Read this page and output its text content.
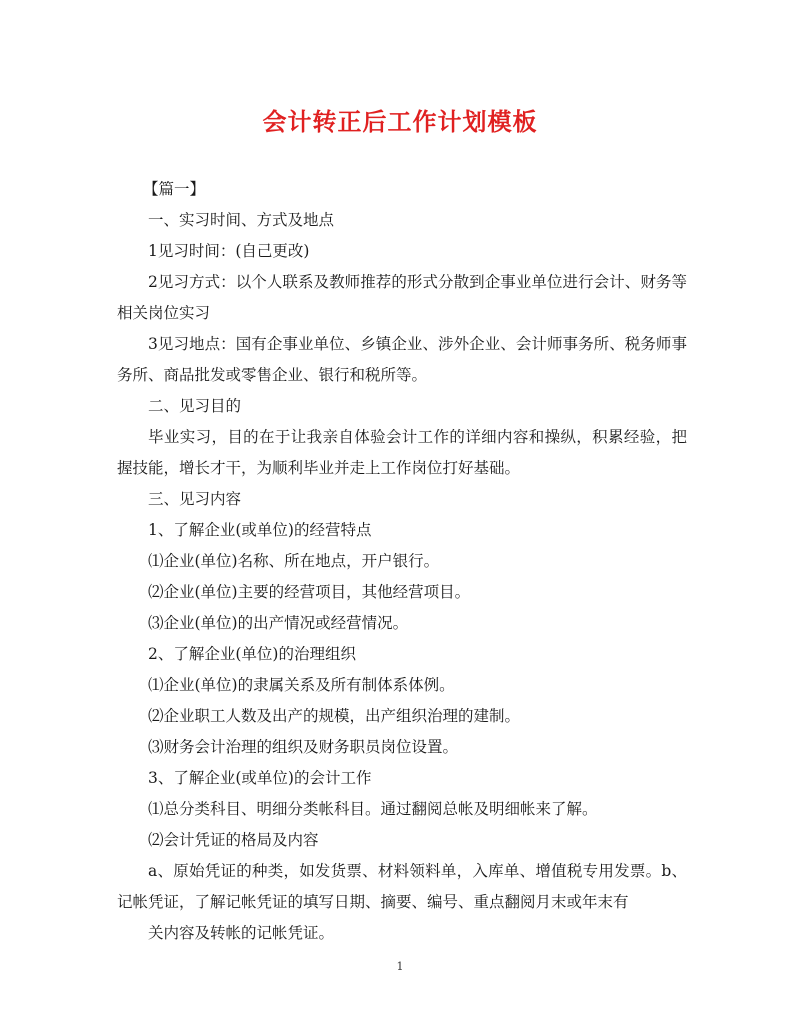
会计转正后工作计划模板

【篇一】

一、实习时间、方式及地点

1见习时间：(自己更改)

2见习方式：以个人联系及教师推荐的形式分散到企事业单位进行会计、财务等相关岗位实习

3见习地点：国有企事业单位、乡镇企业、涉外企业、会计师事务所、税务师事务所、商品批发或零售企业、银行和税所等。

二、见习目的

毕业实习，目的在于让我亲自体验会计工作的详细内容和操纵，积累经验，把握技能，增长才干，为顺利毕业并走上工作岗位打好基础。

三、见习内容

1、了解企业(或单位)的经营特点

⑴企业(单位)名称、所在地点，开户银行。

⑵企业(单位)主要的经营项目，其他经营项目。

⑶企业(单位)的出产情况或经营情况。

2、了解企业(单位)的治理组织

⑴企业(单位)的隶属关系及所有制体系体例。

⑵企业职工人数及出产的规模，出产组织治理的建制。

⑶财务会计治理的组织及财务职员岗位设置。

3、了解企业(或单位)的会计工作

⑴总分类科目、明细分类帐科目。通过翻阅总帐及明细帐来了解。

⑵会计凭证的格局及内容

a、原始凭证的种类，如发货票、材料领料单，入库单、增值税专用发票。b、记帐凭证，了解记帐凭证的填写日期、摘要、编号、重点翻阅月末或年末有

关内容及转帐的记帐凭证。

1
